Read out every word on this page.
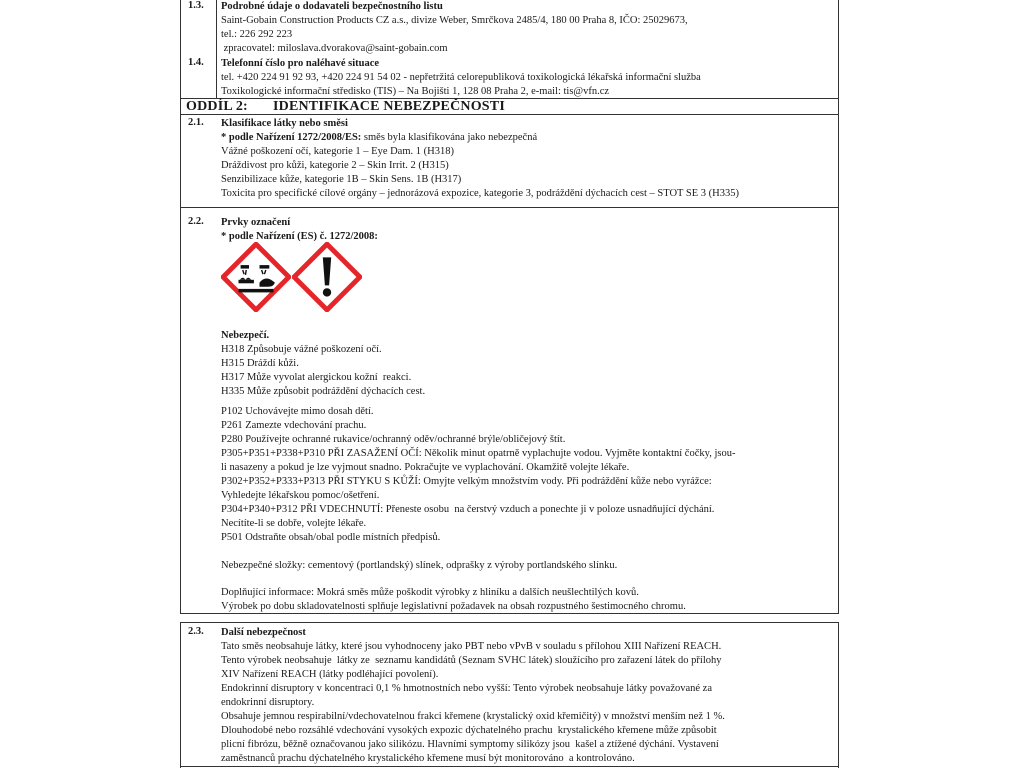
1.3. Podrobné údaje o dodavateli bezpečnostního listu
Saint-Gobain Construction Products CZ a.s., divize Weber, Smrčkova 2485/4, 180 00 Praha 8, IČO: 25029673,
tel.: 226 292 223
zpracovatel: miloslava.dvorakova@saint-gobain.com
1.4. Telefonní číslo pro naléhavé situace
tel. +420 224 91 92 93, +420 224 91 54 02 - nepřetržitá celorepubliková toxikologická lékařská informační služba
Toxikologické informační středisko (TIS) – Na Bojišti 1, 128 08 Praha 2, e-mail: tis@vfn.cz
ODDÍL 2: IDENTIFIKACE NEBEZPEČNOSTI
2.1. Klasifikace látky nebo směsi
* podle Nařízení 1272/2008/ES: směs byla klasifikována jako nebezpečná
Vážné poškození očí, kategorie 1 – Eye Dam. 1 (H318)
Dráždivost pro kůži, kategorie 2 – Skin Irrit. 2 (H315)
Senzibilizace kůže, kategorie 1B – Skin Sens. 1B (H317)
Toxicita pro specifické cílové orgány – jednorázová expozice, kategorie 3, podráždění dýchacích cest – STOT SE 3 (H335)
2.2. Prvky označení
* podle Nařízení (ES) č. 1272/2008:
Nebezpečí.
H318 Způsobuje vážné poškození očí.
H315 Dráždí kůži.
H317 Může vyvolat alergickou kožní  reakci.
H335 Může způsobit podráždění dýchacích cest.
P102 Uchovávejte mimo dosah dětí.
P261 Zamezte vdechování prachu.
P280 Používejte ochranné rukavice/ochranný oděv/ochranné brýle/obličejový štít.
P305+P351+P338+P310 PŘI ZASAŽENÍ OČÍ: Několik minut opatrně vyplachujte vodou. Vyjměte kontaktní čočky, jsou-
li nasazeny a pokud je lze vyjmout snadno. Pokračujte ve vyplachování. Okamžitě volejte lékaře.
P302+P352+P333+P313 PŘI STYKU S KŮŽÍ: Omyjte velkým množstvím vody. Při podráždění kůže nebo vyrážce:
Vyhledejte lékařskou pomoc/ošetření.
P304+P340+P312 PŘI VDECHNUTÍ: Přeneste osobu  na čerstvý vzduch a ponechte ji v poloze usnadňující dýchání.
Necítíte-li se dobře, volejte lékaře.
P501 Odstraňte obsah/obal podle místních předpisů.
Nebezpečné složky: cementový (portlandský) slínek, odprašky z výroby portlandského slínku.
Doplňující informace: Mokrá směs může poškodit výrobky z hliníku a dalších neušlechtilých kovů.
Výrobek po dobu skladovatelnosti splňuje legislativní požadavek na obsah rozpustného šestimocného chromu.
2.3. Další nebezpečnost
Tato směs neobsahuje látky, které jsou vyhodnoceny jako PBT nebo vPvB v souladu s přílohou XIII Nařízení REACH.
Tento výrobek neobsahuje  látky ze  seznamu kandidátů (Seznam SVHC látek) sloužícího pro zařazení látek do přílohy
XIV Nařízení REACH (látky podléhající povolení).
Endokrinní disruptory v koncentraci 0,1 % hmotnostních nebo vyšší: Tento výrobek neobsahuje látky považované za
endokrinní disruptory.
Obsahuje jemnou respirabilní/vdechovatelnou frakci křemene (krystalický oxid křemičitý) v množství menším než 1 %.
Dlouhodobé nebo rozsáhlé vdechování vysokých expozic dýchatelného prachu  krystalického křemene může způsobit
plicní fibrózu, běžně označovanou jako silikózu. Hlavními symptomy silikózy jsou  kašel a ztížené dýchání. Vystavení
zaměstnanců prachu dýchatelného krystalického křemene musí být monitorováno  a kontrolováno.
